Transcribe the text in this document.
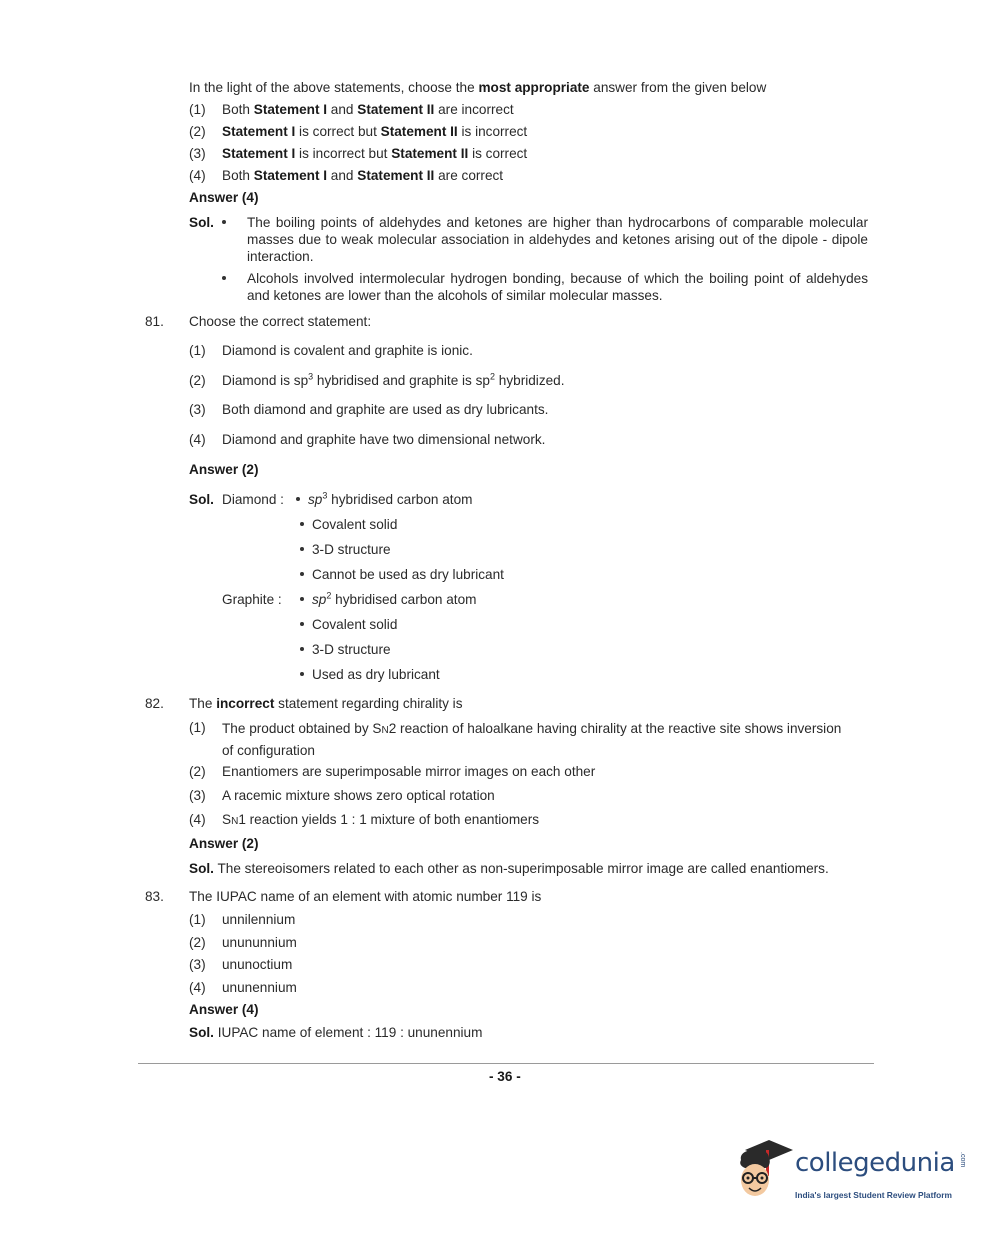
In the light of the above statements, choose the most appropriate answer from the given below
(1) Both Statement I and Statement II are incorrect
(2) Statement I is correct but Statement II is incorrect
(3) Statement I is incorrect but Statement II is correct
(4) Both Statement I and Statement II are correct
Answer (4)
Sol. The boiling points of aldehydes and ketones are higher than hydrocarbons of comparable molecular masses due to weak molecular association in aldehydes and ketones arising out of the dipole - dipole interaction.
Alcohols involved intermolecular hydrogen bonding, because of which the boiling point of aldehydes and ketones are lower than the alcohols of similar molecular masses.
81. Choose the correct statement:
(1) Diamond is covalent and graphite is ionic.
(2) Diamond is $sp^3$ hybridised and graphite is $sp^2$ hybridized.
(3) Both diamond and graphite are used as dry lubricants.
(4) Diamond and graphite have two dimensional network.
Answer (2)
Sol. Diamond :	$sp^3$ hybridised carbon atom
Covalent solid
3-D structure
Cannot be used as dry lubricant
Graphite :	$sp^2$ hybridised carbon atom
Covalent solid
3-D structure
Used as dry lubricant
82. The incorrect statement regarding chirality is
(1) The product obtained by SN2 reaction of haloalkane having chirality at the reactive site shows inversion
of configuration
(2) Enantiomers are superimposable mirror images on each other
(3) A racemic mixture shows zero optical rotation
(4) SN1 reaction yields 1 : 1 mixture of both enantiomers
Answer (2)
Sol. The stereoisomers related to each other as non-superimposable mirror image are called enantiomers.
83. The IUPAC name of an element with atomic number 119 is
(1) unnilennium
(2) unununnium
(3) ununoctium
(4) ununennium
Answer (4)
Sol. IUPAC name of element : 119 : ununennium
- 36 -
collegedunia .com
India's largest Student Review Platform
